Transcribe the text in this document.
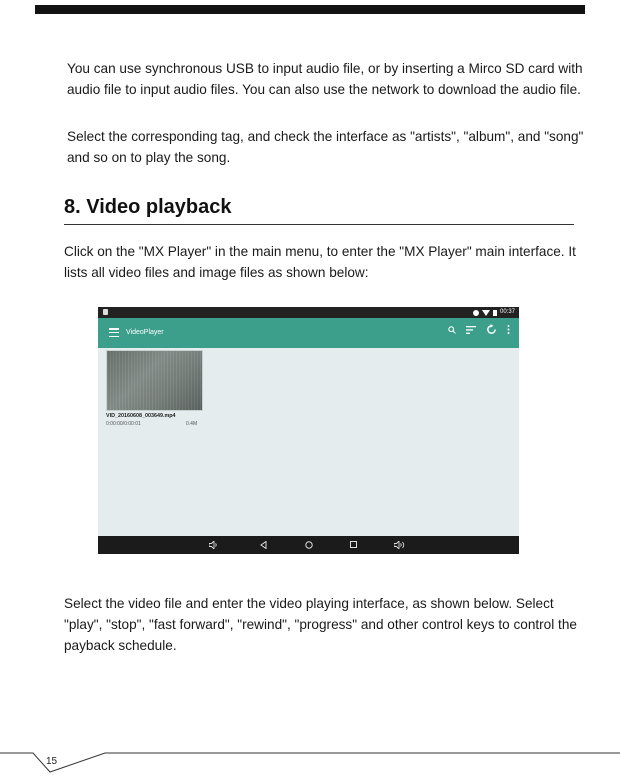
You can use synchronous USB to input audio file, or by inserting a Mirco SD card with audio file to input audio files. You can also use the network to download the audio file.

Select the corresponding tag, and check the interface as "artists", "album", and "song" and so on to play the song.

8. Video playback

Click on the "MX Player" in the main menu, to enter the "MX Player" main interface. It lists all video files and image files as shown below:

00:37
VideoPlayer
VID_20160608_003649.mp4
0:00:00/0:00:01	0.4M

Select the video file and enter the video playing interface, as shown below. Select "play", "stop", "fast forward", "rewind", "progress" and other control keys to control the payback schedule.

15
